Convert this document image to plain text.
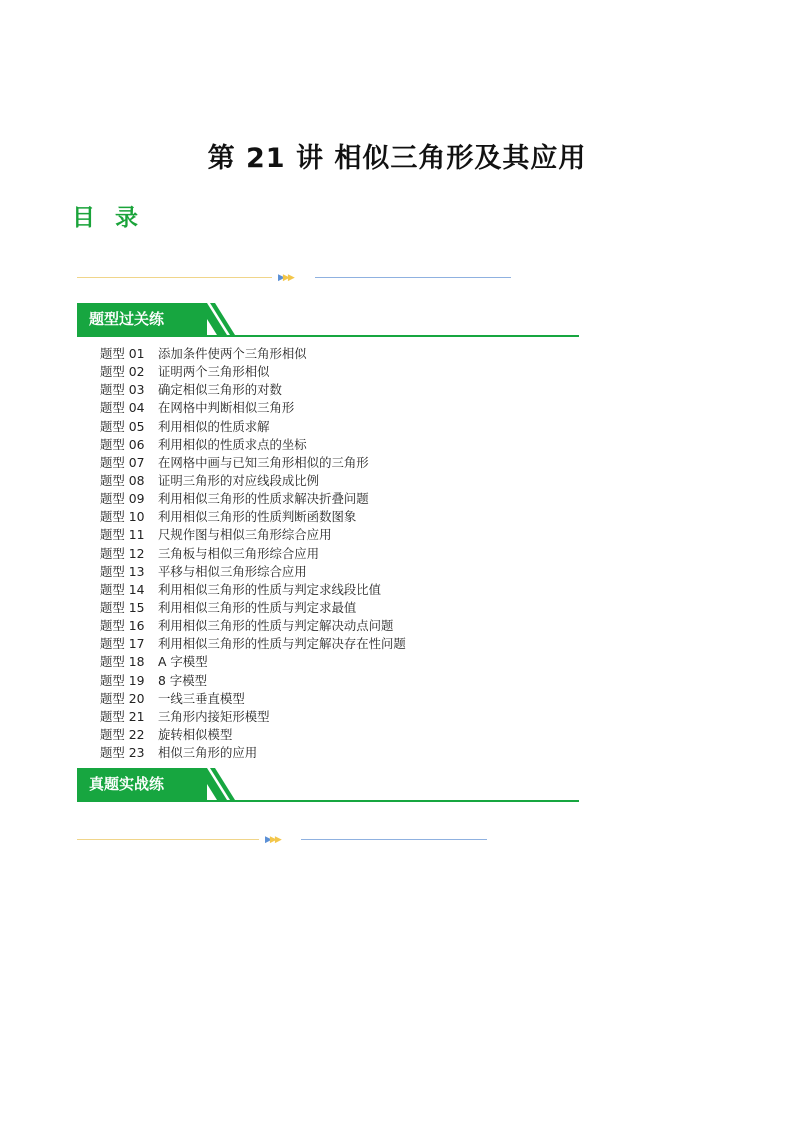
第 21 讲 相似三角形及其应用
目 录
▶▶▶
题型过关练
题型 01 添加条件使两个三角形相似
题型 02 证明两个三角形相似
题型 03 确定相似三角形的对数
题型 04 在网格中判断相似三角形
题型 05 利用相似的性质求解
题型 06 利用相似的性质求点的坐标
题型 07 在网格中画与已知三角形相似的三角形
题型 08 证明三角形的对应线段成比例
题型 09 利用相似三角形的性质求解决折叠问题
题型 10 利用相似三角形的性质判断函数图象
题型 11 尺规作图与相似三角形综合应用
题型 12 三角板与相似三角形综合应用
题型 13 平移与相似三角形综合应用
题型 14 利用相似三角形的性质与判定求线段比值
题型 15 利用相似三角形的性质与判定求最值
题型 16 利用相似三角形的性质与判定解决动点问题
题型 17 利用相似三角形的性质与判定解决存在性问题
题型 18 A 字模型
题型 19 8 字模型
题型 20 一线三垂直模型
题型 21 三角形内接矩形模型
题型 22 旋转相似模型
题型 23 相似三角形的应用
真题实战练
▶▶▶
